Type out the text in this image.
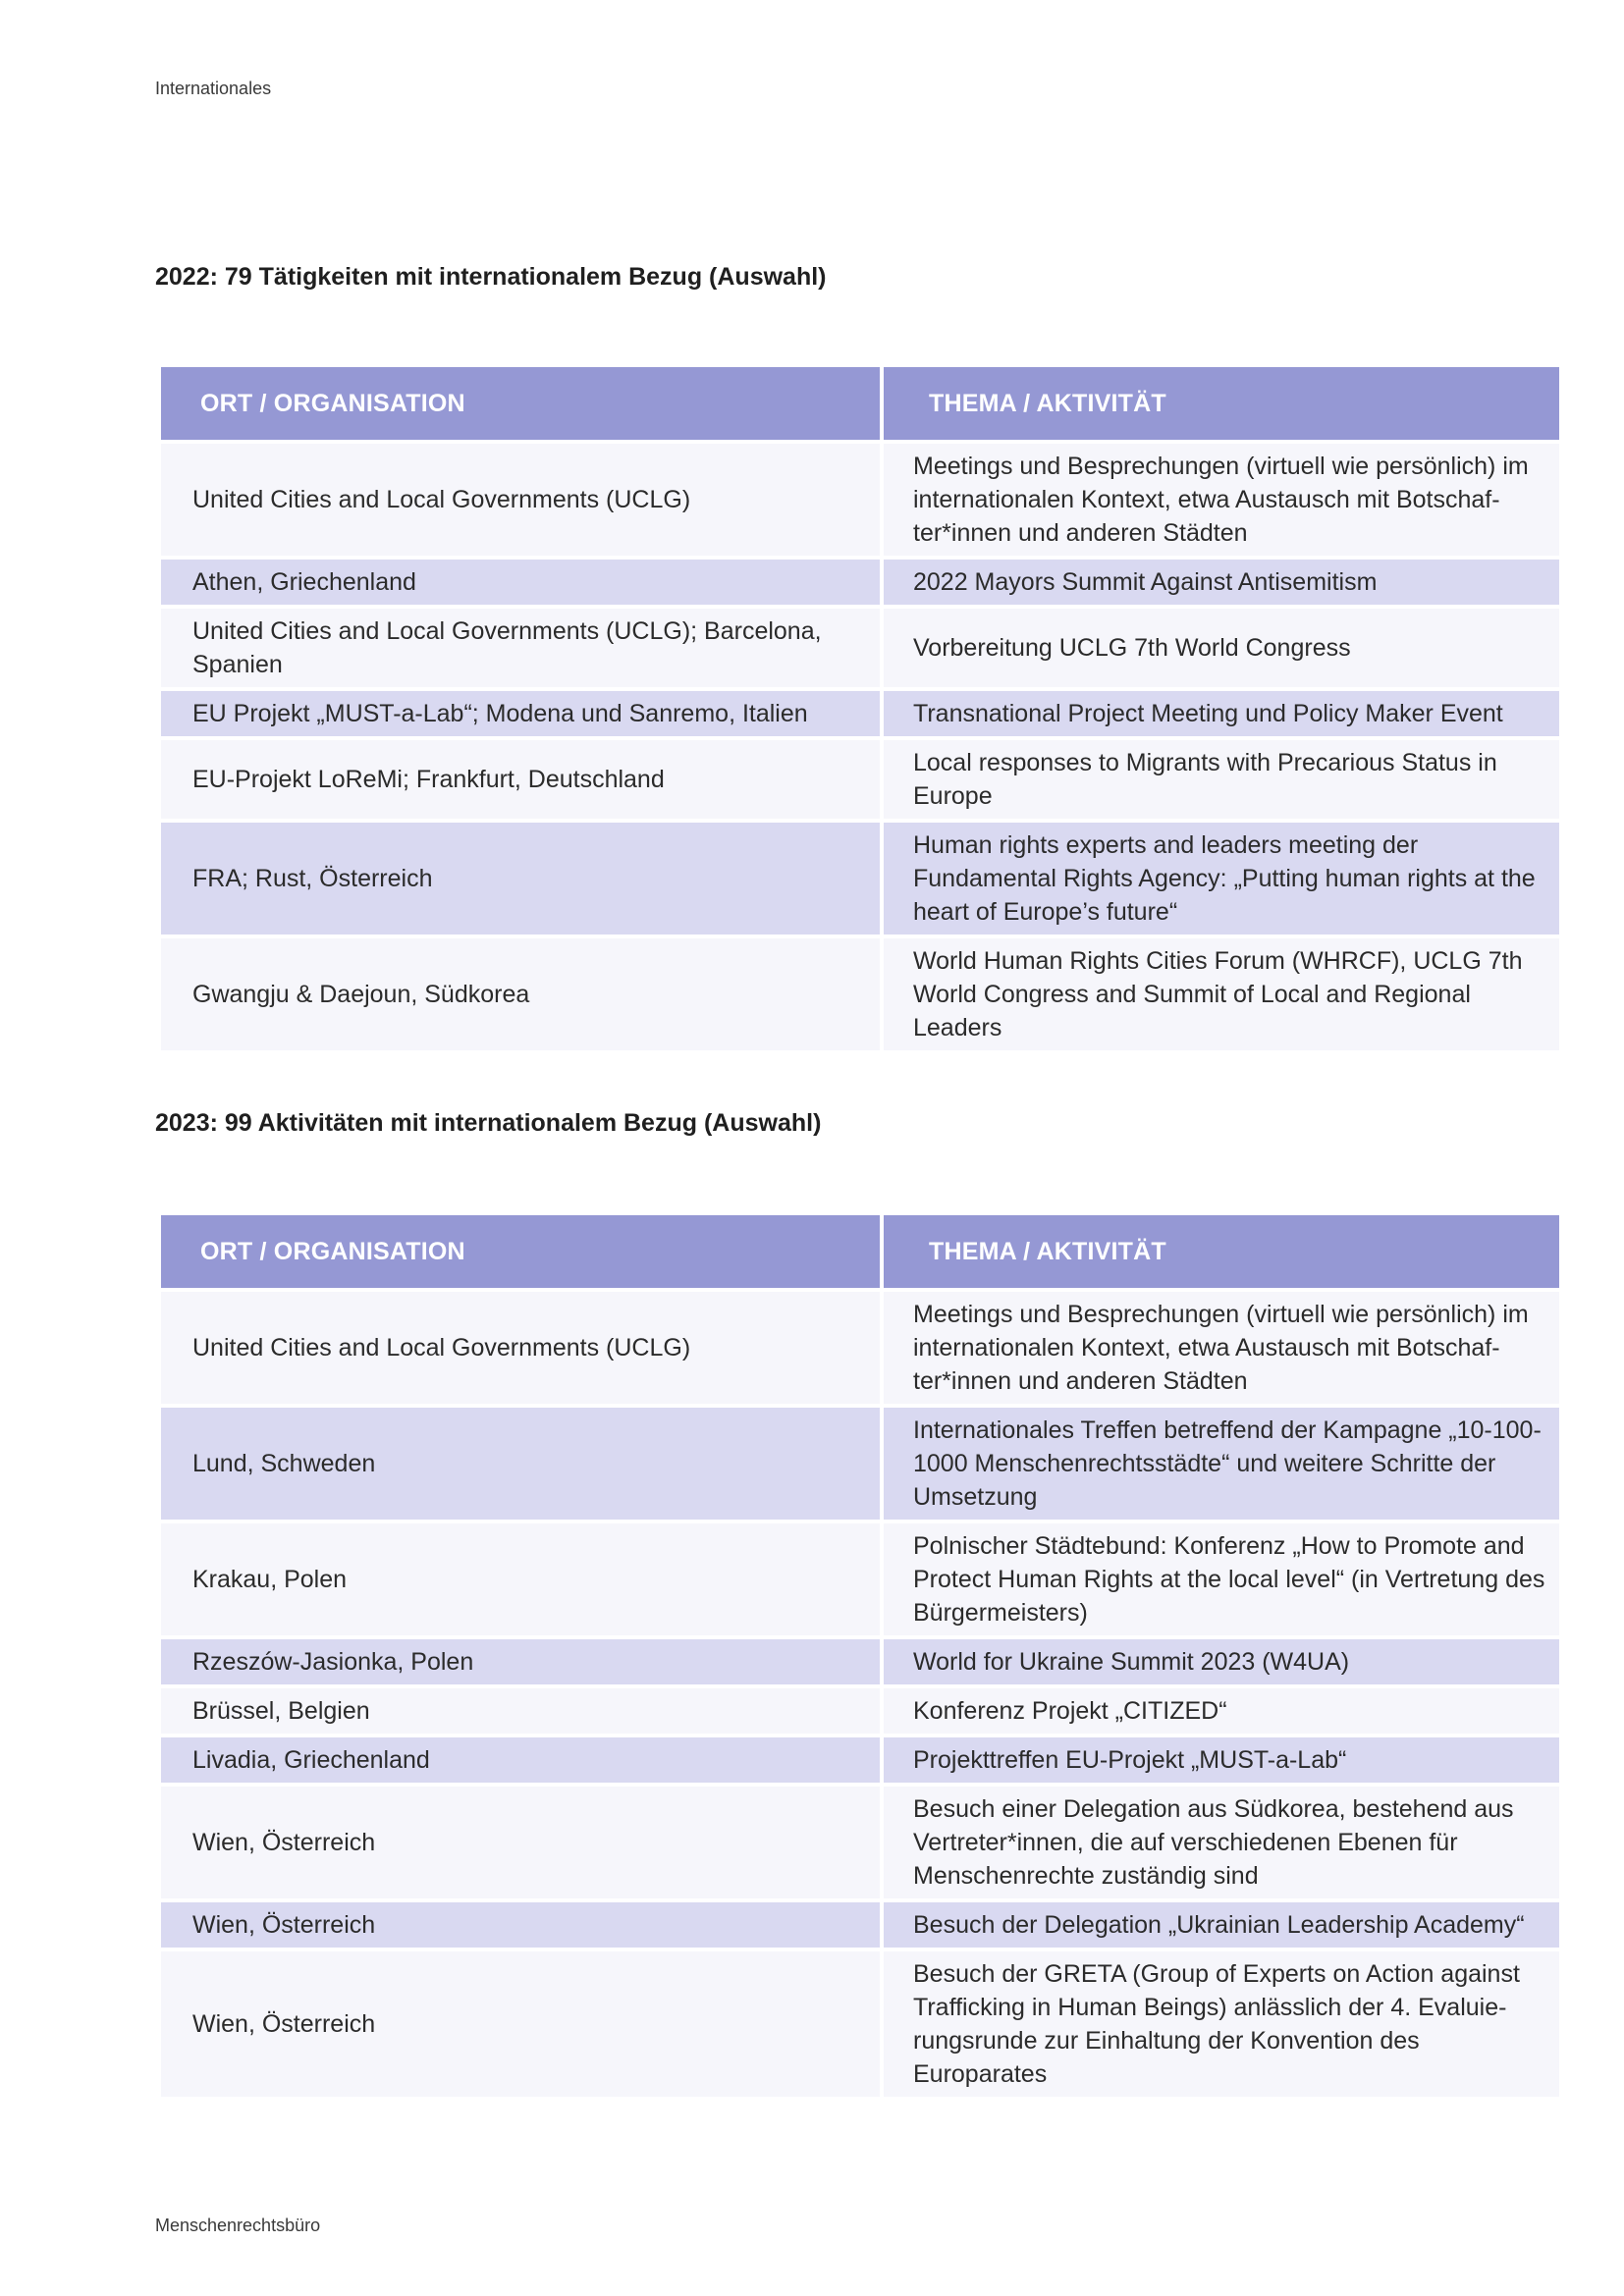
Internationales
2022: 79 Tätigkeiten mit internationalem Bezug (Auswahl)
ORT / ORGANISATION	THEMA / AKTIVITÄT
United Cities and Local Governments (UCLG)	Meetings und Besprechungen (virtuell wie persönlich) im internationalen Kontext, etwa Austausch mit Botschafter*innen und anderen Städten
Athen, Griechenland	2022 Mayors Summit Against Antisemitism
United Cities and Local Governments (UCLG); Barcelona, Spanien	Vorbereitung UCLG 7th World Congress
EU Projekt „MUST-a-Lab“; Modena und Sanremo, Italien	Transnational Project Meeting und Policy Maker Event
EU-Projekt LoReMi; Frankfurt, Deutschland	Local responses to Migrants with Precarious Status in Europe
FRA; Rust, Österreich	Human rights experts and leaders meeting der Fundamental Rights Agency: „Putting human rights at the heart of Europe’s future“
Gwangju & Daejoun, Südkorea	World Human Rights Cities Forum (WHRCF), UCLG 7th World Congress and Summit of Local and Regional Leaders
2023: 99 Aktivitäten mit internationalem Bezug (Auswahl)
ORT / ORGANISATION	THEMA / AKTIVITÄT
United Cities and Local Governments (UCLG)	Meetings und Besprechungen (virtuell wie persönlich) im internationalen Kontext, etwa Austausch mit Botschafter*innen und anderen Städten
Lund, Schweden	Internationales Treffen betreffend der Kampagne „10-100-1000 Menschenrechtsstädte“ und weitere Schritte der Umsetzung
Krakau, Polen	Polnischer Städtebund: Konferenz „How to Promote and Protect Human Rights at the local level“ (in Vertretung des Bürgermeisters)
Rzeszów-Jasionka, Polen	World for Ukraine Summit 2023 (W4UA)
Brüssel, Belgien	Konferenz Projekt „CITIZED“
Livadia, Griechenland	Projekttreffen EU-Projekt „MUST-a-Lab“
Wien, Österreich	Besuch einer Delegation aus Südkorea, bestehend aus Vertreter*innen, die auf verschiedenen Ebenen für Menschenrechte zuständig sind
Wien, Österreich	Besuch der Delegation „Ukrainian Leadership Academy“
Wien, Österreich	Besuch der GRETA (Group of Experts on Action against Trafficking in Human Beings) anlässlich der 4. Evaluierungsrunde zur Einhaltung der Konvention des Europarates
Menschenrechtsbüro
